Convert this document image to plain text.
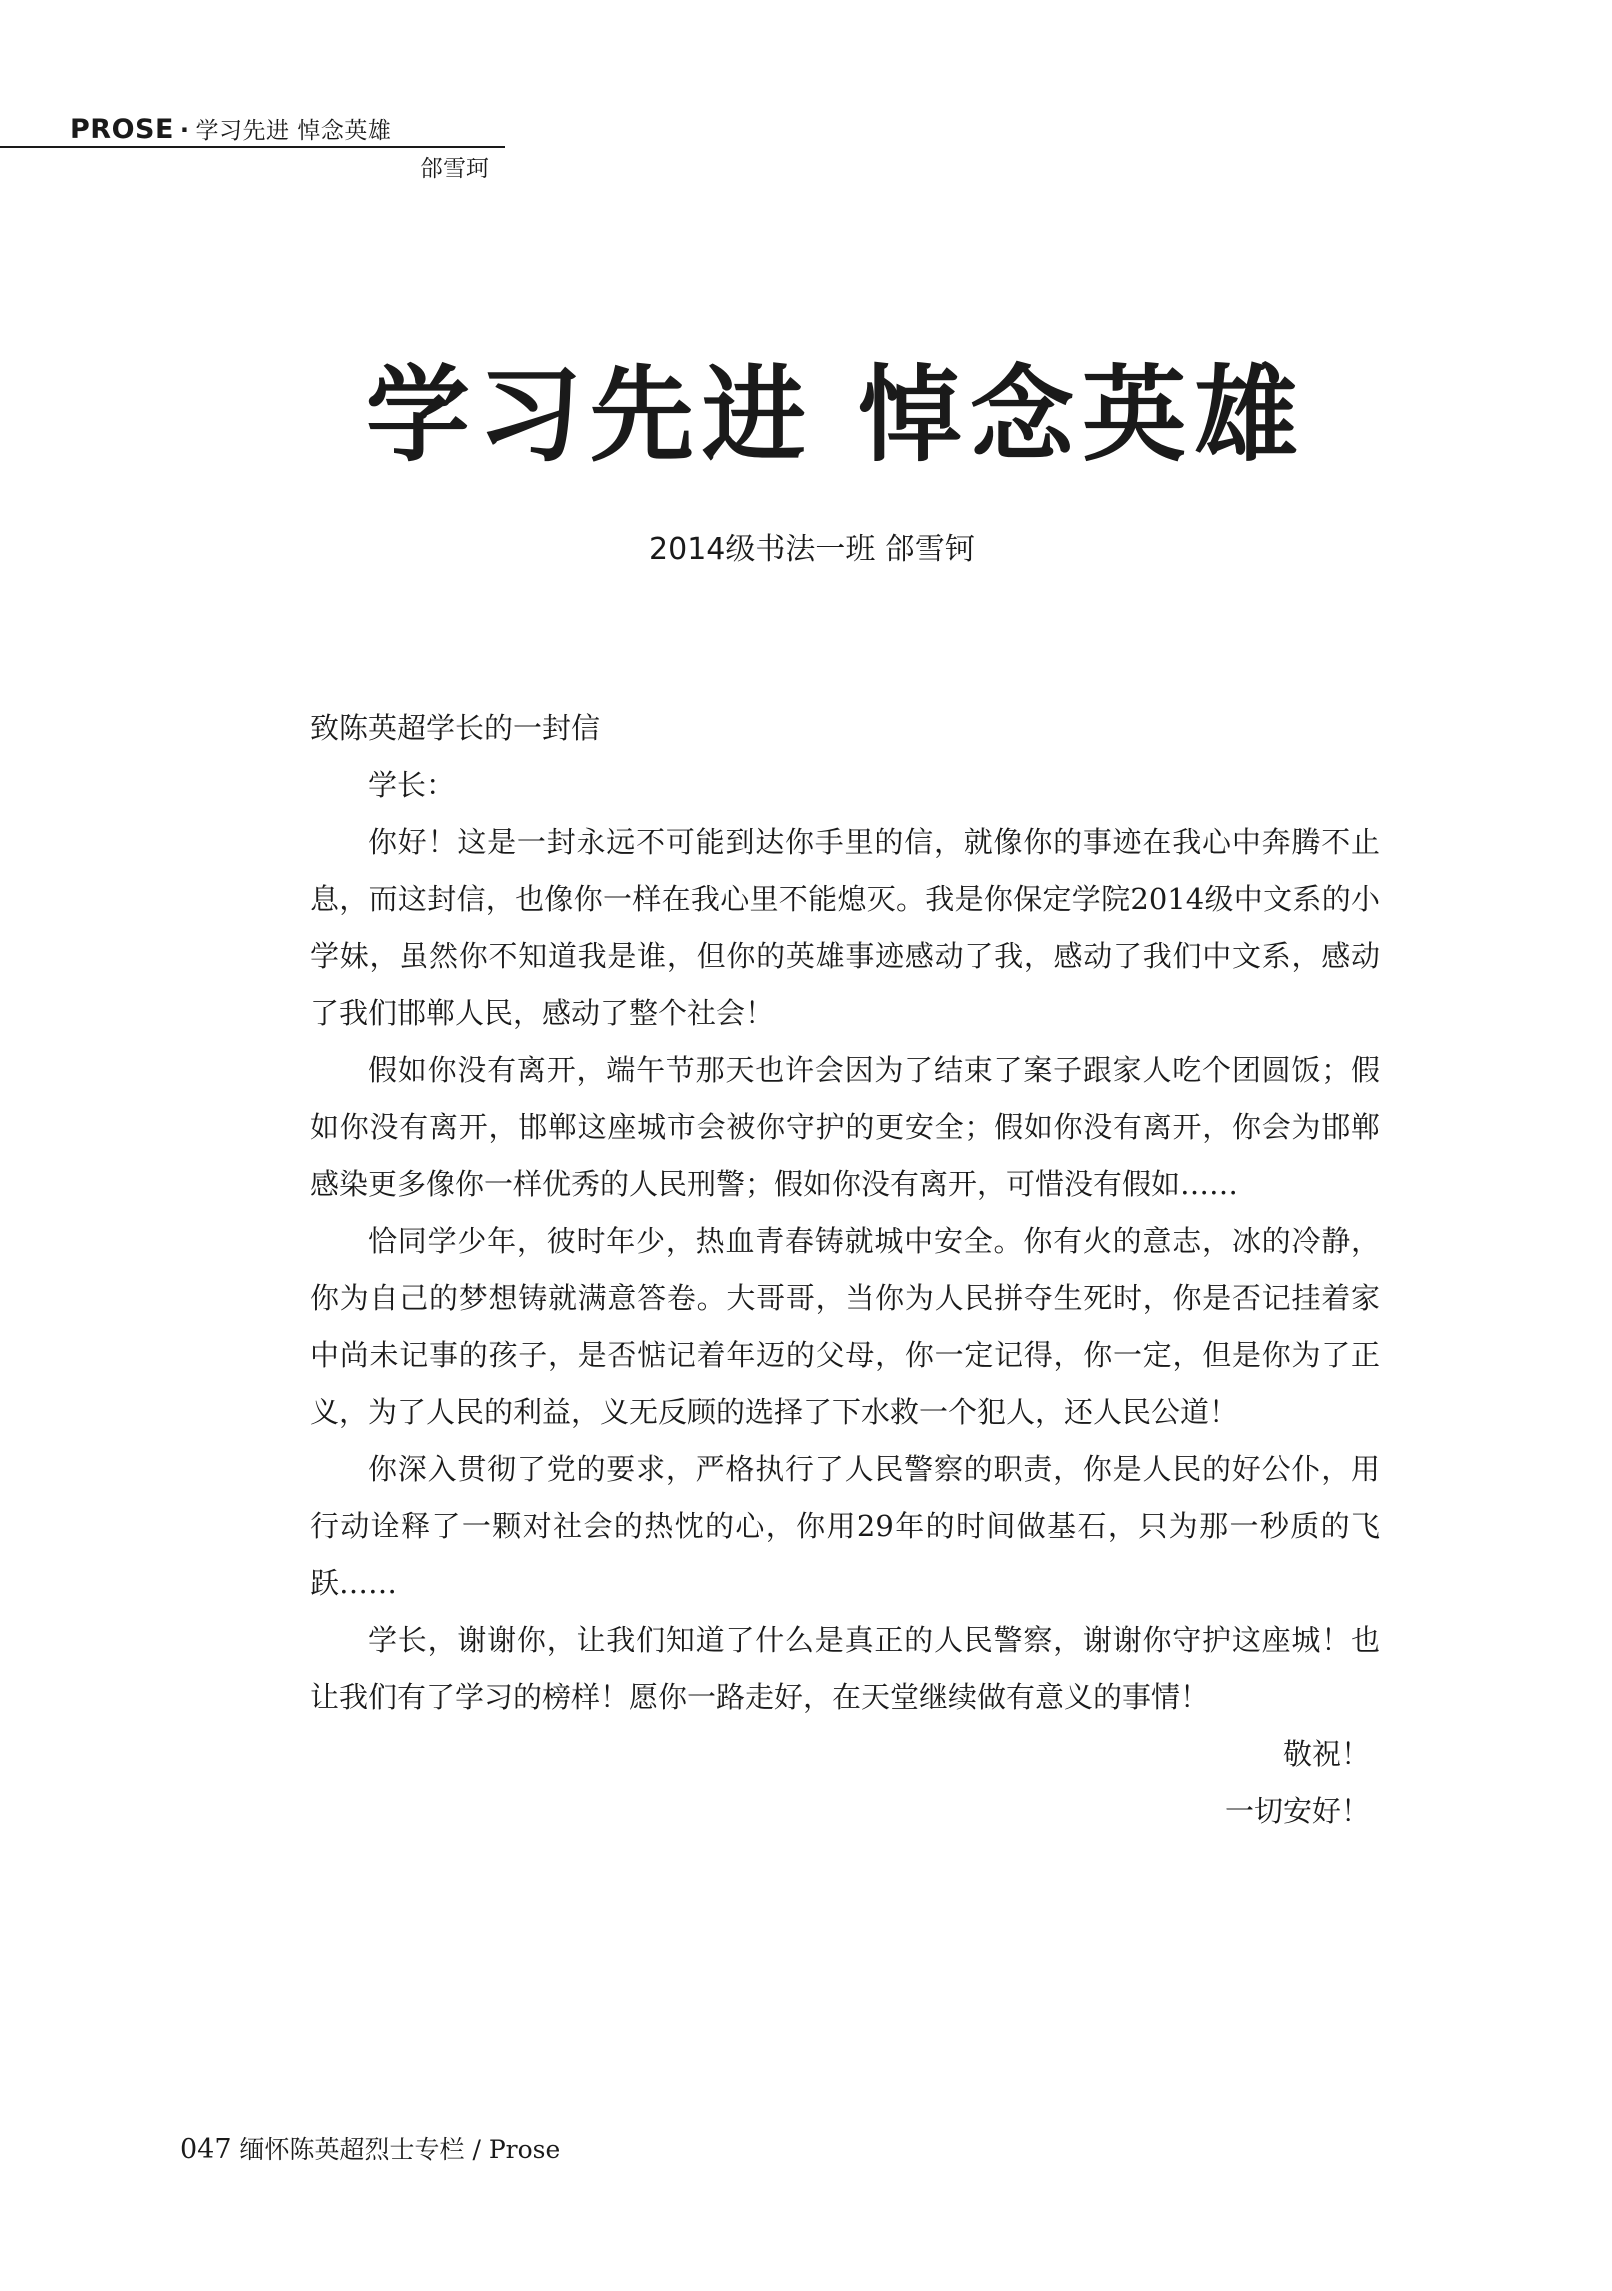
PROSE · 学习先进 悼念英雄
郃雪珂
学习先进 悼念英雄
2014级书法一班 郃雪钶

致陈英超学长的一封信

学长：

你好！这是一封永远不可能到达你手里的信，就像你的事迹在我心中奔腾不止息，而这封信，也像你一样在我心里不能熄灭。我是你保定学院2014级中文系的小学妹，虽然你不知道我是谁，但你的英雄事迹感动了我，感动了我们中文系，感动了我们邯郸人民，感动了整个社会！

假如你没有离开，端午节那天也许会因为了结束了案子跟家人吃个团圆饭；假如你没有离开，邯郸这座城市会被你守护的更安全；假如你没有离开，你会为邯郸感染更多像你一样优秀的人民刑警；假如你没有离开，可惜没有假如……

恰同学少年，彼时年少，热血青春铸就城中安全。你有火的意志，冰的冷静，你为自己的梦想铸就满意答卷。大哥哥，当你为人民拼夺生死时，你是否记挂着家中尚未记事的孩子，是否惦记着年迈的父母，你一定记得，你一定，但是你为了正义，为了人民的利益，义无反顾的选择了下水救一个犯人，还人民公道！

你深入贯彻了党的要求，严格执行了人民警察的职责，你是人民的好公仆，用行动诠释了一颗对社会的热忱的心，你用29年的时间做基石，只为那一秒质的飞跃……

学长，谢谢你，让我们知道了什么是真正的人民警察，谢谢你守护这座城！也让我们有了学习的榜样！愿你一路走好，在天堂继续做有意义的事情！

敬祝！

一切安好！

047 缅怀陈英超烈士专栏 / Prose
